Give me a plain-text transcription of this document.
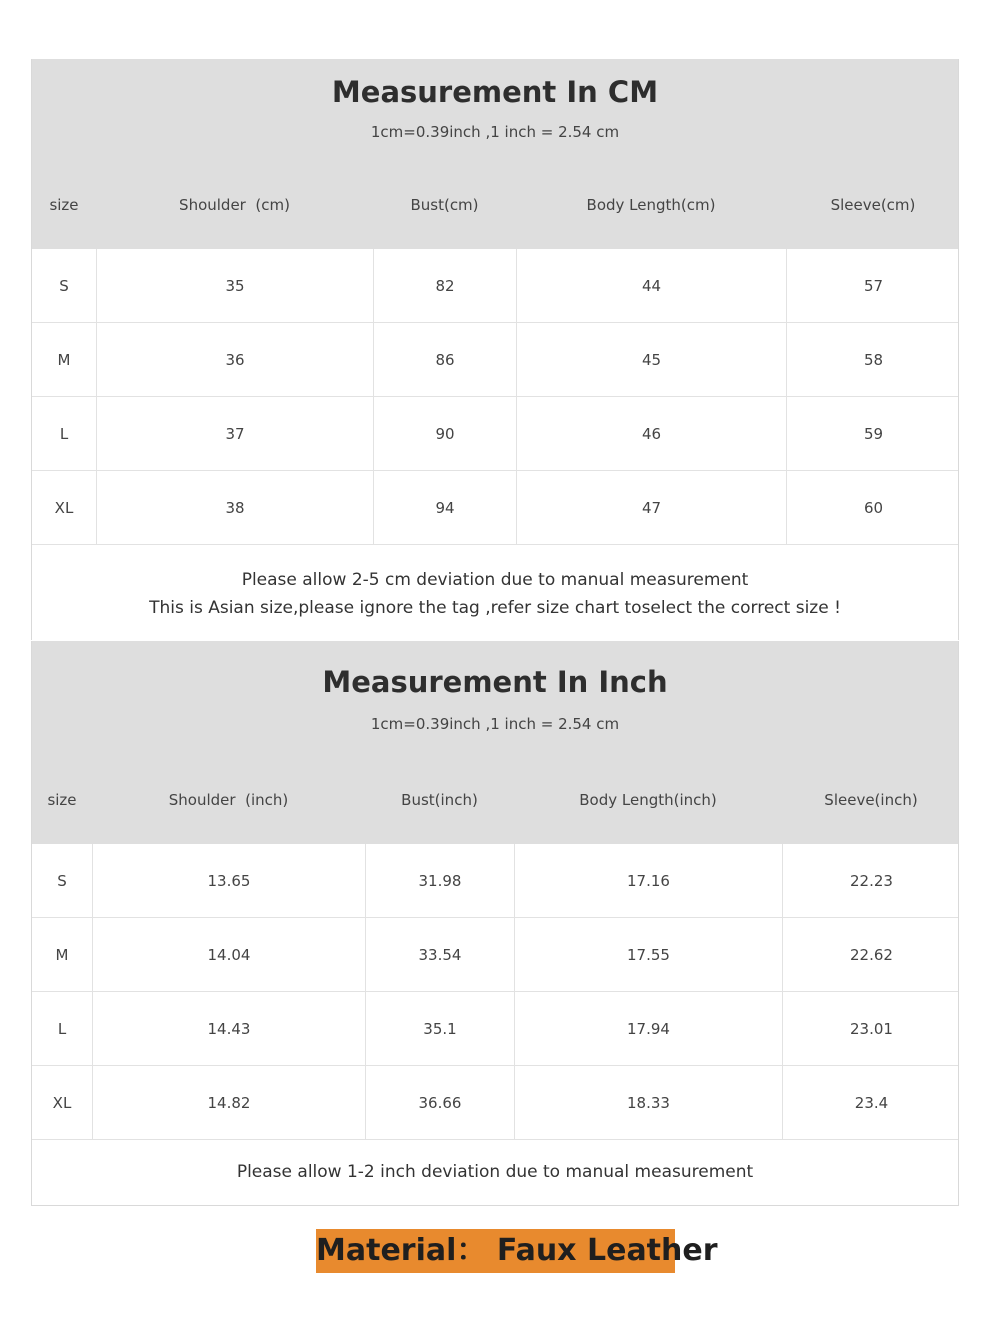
Measurement In CM
1cm=0.39inch ,1 inch = 2.54 cm
size	Shoulder  (cm)	Bust(cm)	Body Length(cm)	Sleeve(cm)
S	35	82	44	57
M	36	86	45	58
L	37	90	46	59
XL	38	94	47	60
Please allow 2-5 cm deviation due to manual measurement
This is Asian size,please ignore the tag ,refer size chart toselect the correct size !
Measurement In Inch
1cm=0.39inch ,1 inch = 2.54 cm
size	Shoulder  (inch)	Bust(inch)	Body Length(inch)	Sleeve(inch)
S	13.65	31.98	17.16	22.23
M	14.04	33.54	17.55	22.62
L	14.43	35.1	17.94	23.01
XL	14.82	36.66	18.33	23.4
Please allow 1-2 inch deviation due to manual measurement
Material： Faux Leather
